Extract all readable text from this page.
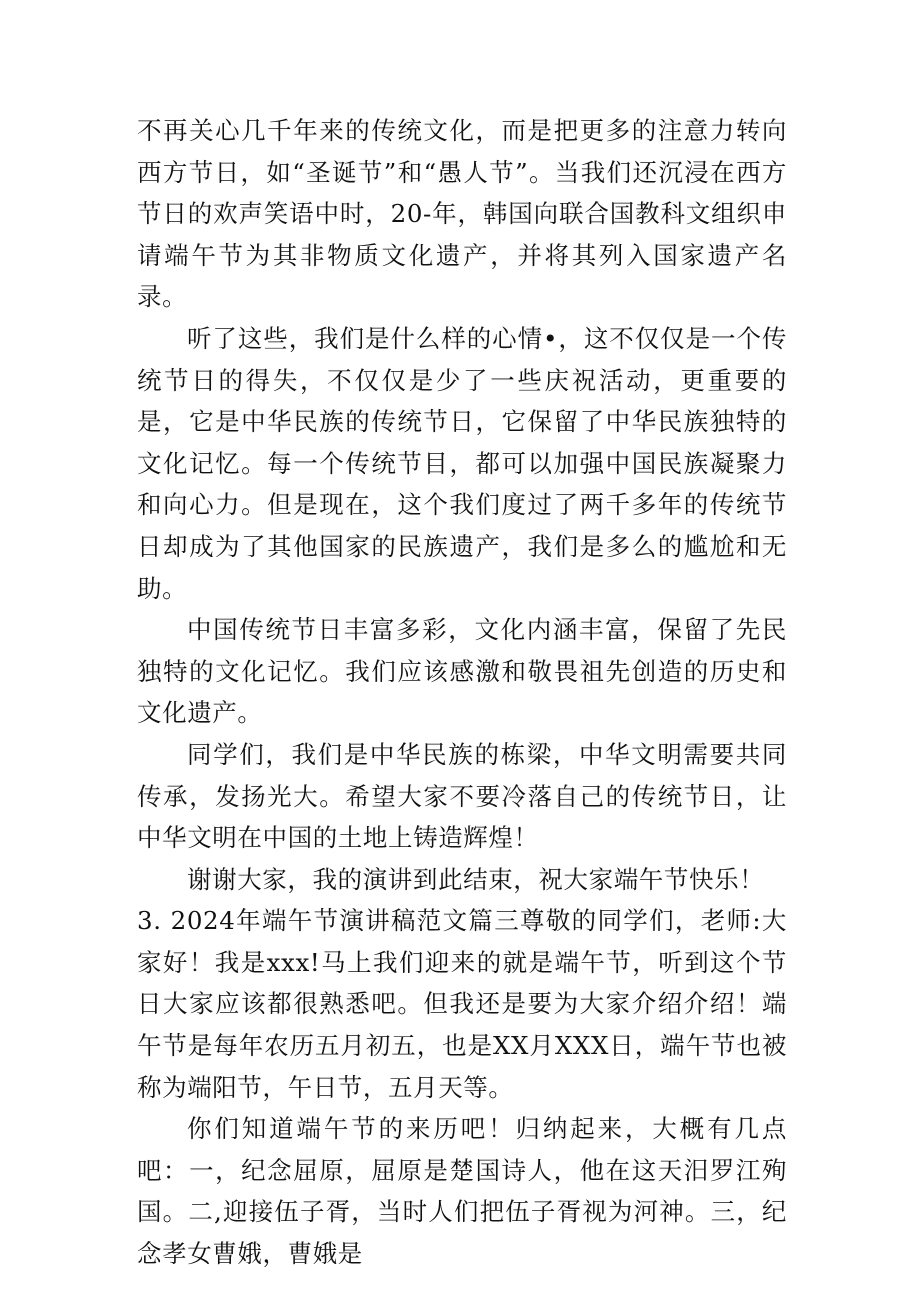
不再关心几千年来的传统文化，而是把更多的注意力转向西方节日，如“圣诞节”和“愚人节”。当我们还沉浸在西方节日的欢声笑语中时，20-年，韩国向联合国教科文组织申请端午节为其非物质文化遗产，并将其列入国家遗产名录。

听了这些，我们是什么样的心情•，这不仅仅是一个传统节日的得失，不仅仅是少了一些庆祝活动，更重要的是，它是中华民族的传统节日，它保留了中华民族独特的文化记忆。每一个传统节目，都可以加强中国民族凝聚力和向心力。但是现在，这个我们度过了两千多年的传统节日却成为了其他国家的民族遗产，我们是多么的尴尬和无助。

中国传统节日丰富多彩，文化内涵丰富，保留了先民独特的文化记忆。我们应该感激和敬畏祖先创造的历史和文化遗产。

同学们，我们是中华民族的栋梁，中华文明需要共同传承，发扬光大。希望大家不要冷落自己的传统节日，让中华文明在中国的土地上铸造辉煌！

谢谢大家，我的演讲到此结束，祝大家端午节快乐！

3. 2024年端午节演讲稿范文篇三尊敬的同学们，老师:大家好！我是xxx!马上我们迎来的就是端午节，听到这个节日大家应该都很熟悉吧。但我还是要为大家介绍介绍！端午节是每年农历五月初五，也是XX月XXX日，端午节也被称为端阳节，午日节，五月天等。

你们知道端午节的来历吧！归纳起来，大概有几点吧：一，纪念屈原，屈原是楚国诗人，他在这天汨罗江殉国。二,迎接伍子胥，当时人们把伍子胥视为河神。三，纪念孝女曹娥，曹娥是
